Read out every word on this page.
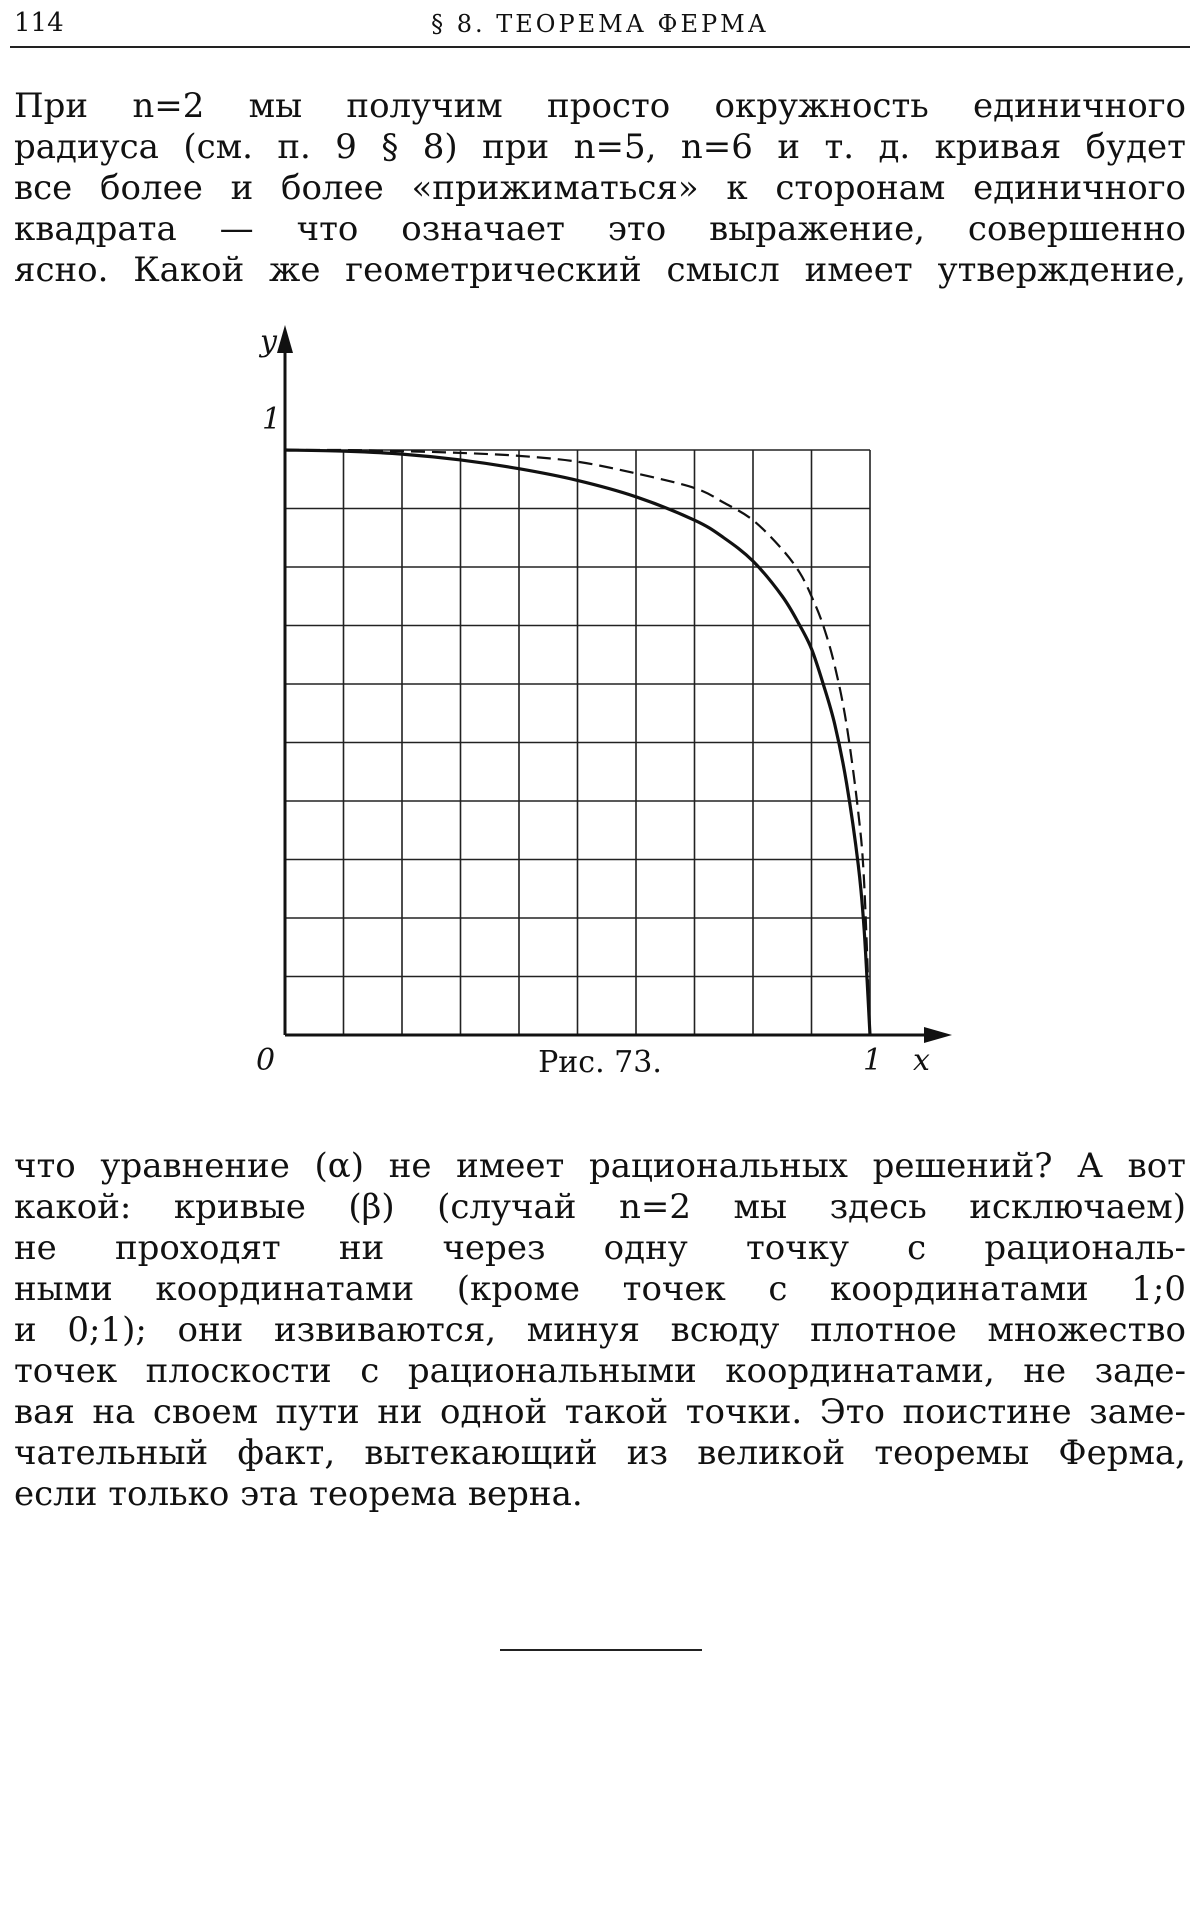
114	§ 8. ТЕОРЕМА ФЕРМА
При n=2 мы получим просто окружность единичного
радиуса (см. п. 9 § 8) при n=5, n=6 и т. д. кривая будет
все более и более «прижиматься» к сторонам единичного
квадрата — что означает это выражение, совершенно
ясно. Какой же геометрический смысл имеет утверждение,
y
x
0	1
1
Рис. 73.
что уравнение (α) не имеет рациональных решений? А вот
какой: кривые (β) (случай n=2 мы здесь исключаем)
не проходят ни через одну точку с рациональ-
ными координатами (кроме точек с координатами 1;0
и 0;1); они извиваются, минуя всюду плотное множество
точек плоскости с рациональными координатами, не заде-
вая на своем пути ни одной такой точки. Это поистине заме-
чательный факт, вытекающий из великой теоремы Ферма,
если только эта теорема верна.
